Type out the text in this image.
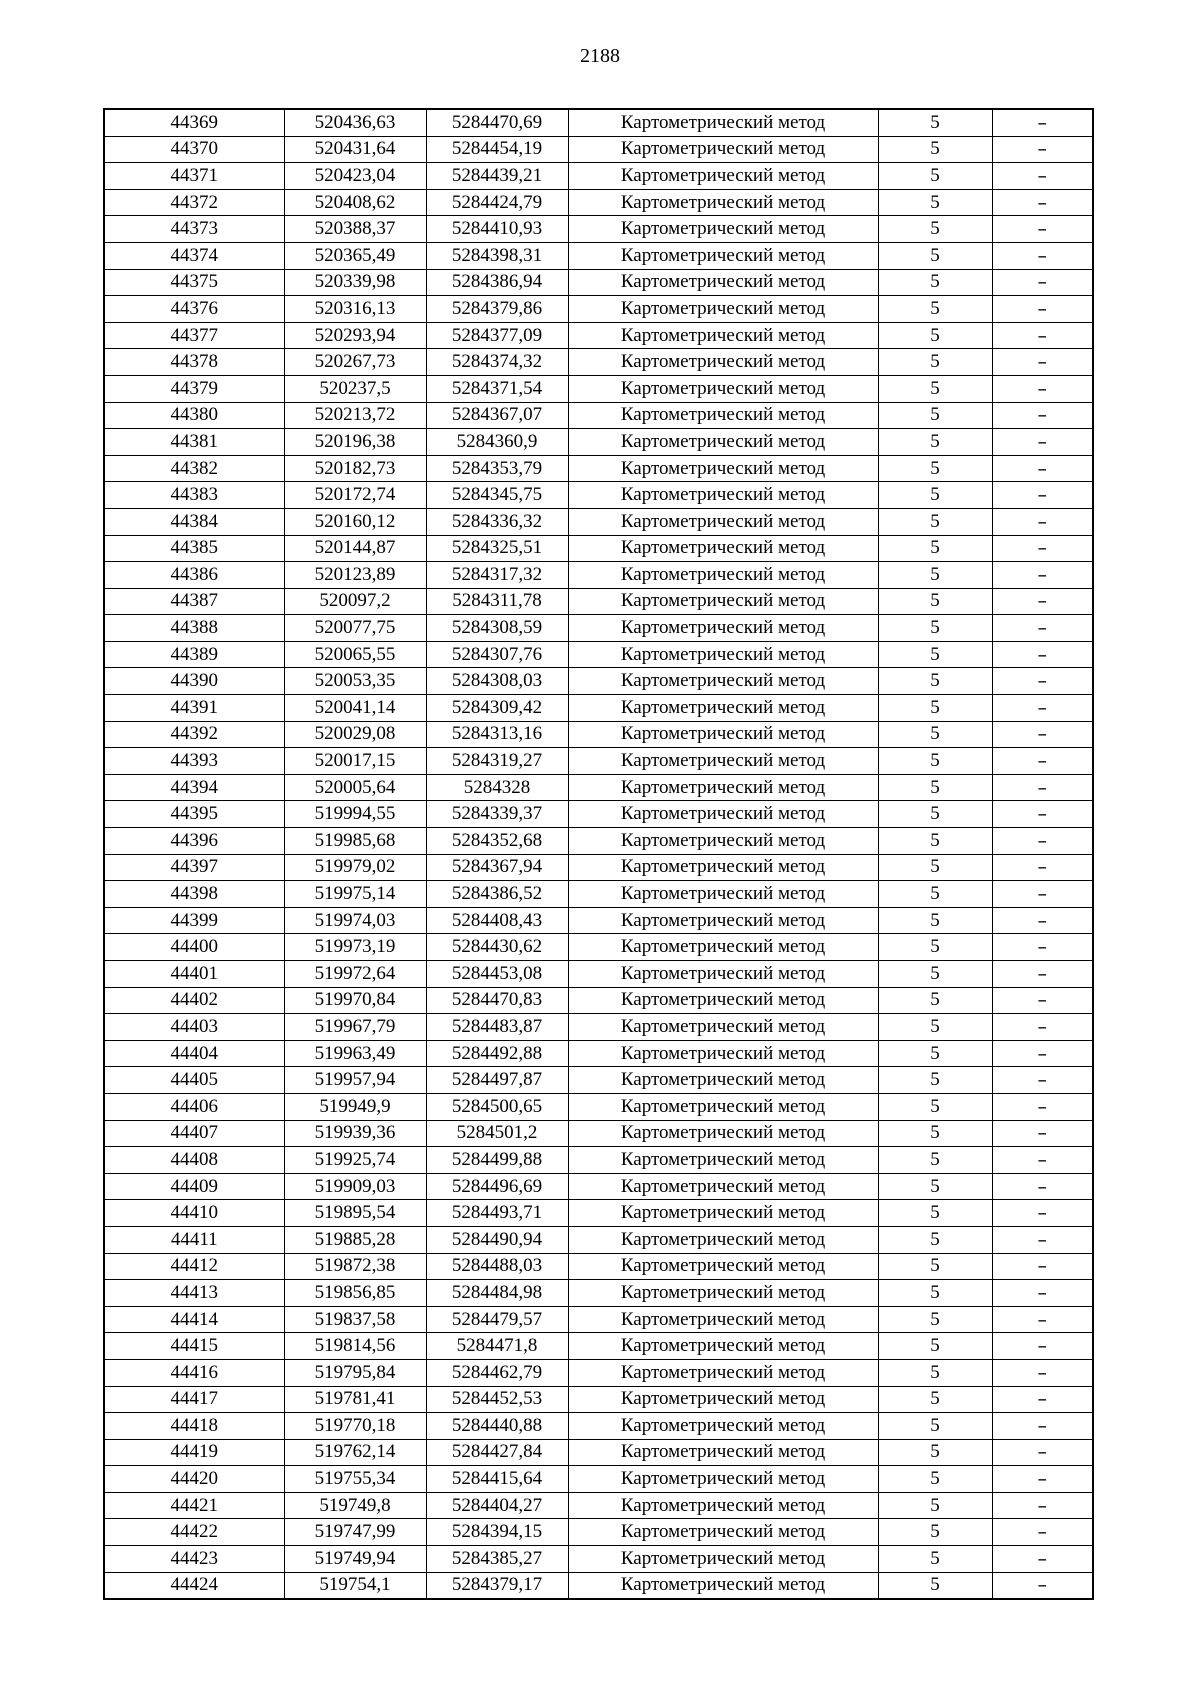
2188
44369	520436,63	5284470,69	Картометрический метод	5	–
44370	520431,64	5284454,19	Картометрический метод	5	–
44371	520423,04	5284439,21	Картометрический метод	5	–
44372	520408,62	5284424,79	Картометрический метод	5	–
44373	520388,37	5284410,93	Картометрический метод	5	–
44374	520365,49	5284398,31	Картометрический метод	5	–
44375	520339,98	5284386,94	Картометрический метод	5	–
44376	520316,13	5284379,86	Картометрический метод	5	–
44377	520293,94	5284377,09	Картометрический метод	5	–
44378	520267,73	5284374,32	Картометрический метод	5	–
44379	520237,5	5284371,54	Картометрический метод	5	–
44380	520213,72	5284367,07	Картометрический метод	5	–
44381	520196,38	5284360,9	Картометрический метод	5	–
44382	520182,73	5284353,79	Картометрический метод	5	–
44383	520172,74	5284345,75	Картометрический метод	5	–
44384	520160,12	5284336,32	Картометрический метод	5	–
44385	520144,87	5284325,51	Картометрический метод	5	–
44386	520123,89	5284317,32	Картометрический метод	5	–
44387	520097,2	5284311,78	Картометрический метод	5	–
44388	520077,75	5284308,59	Картометрический метод	5	–
44389	520065,55	5284307,76	Картометрический метод	5	–
44390	520053,35	5284308,03	Картометрический метод	5	–
44391	520041,14	5284309,42	Картометрический метод	5	–
44392	520029,08	5284313,16	Картометрический метод	5	–
44393	520017,15	5284319,27	Картометрический метод	5	–
44394	520005,64	5284328	Картометрический метод	5	–
44395	519994,55	5284339,37	Картометрический метод	5	–
44396	519985,68	5284352,68	Картометрический метод	5	–
44397	519979,02	5284367,94	Картометрический метод	5	–
44398	519975,14	5284386,52	Картометрический метод	5	–
44399	519974,03	5284408,43	Картометрический метод	5	–
44400	519973,19	5284430,62	Картометрический метод	5	–
44401	519972,64	5284453,08	Картометрический метод	5	–
44402	519970,84	5284470,83	Картометрический метод	5	–
44403	519967,79	5284483,87	Картометрический метод	5	–
44404	519963,49	5284492,88	Картометрический метод	5	–
44405	519957,94	5284497,87	Картометрический метод	5	–
44406	519949,9	5284500,65	Картометрический метод	5	–
44407	519939,36	5284501,2	Картометрический метод	5	–
44408	519925,74	5284499,88	Картометрический метод	5	–
44409	519909,03	5284496,69	Картометрический метод	5	–
44410	519895,54	5284493,71	Картометрический метод	5	–
44411	519885,28	5284490,94	Картометрический метод	5	–
44412	519872,38	5284488,03	Картометрический метод	5	–
44413	519856,85	5284484,98	Картометрический метод	5	–
44414	519837,58	5284479,57	Картометрический метод	5	–
44415	519814,56	5284471,8	Картометрический метод	5	–
44416	519795,84	5284462,79	Картометрический метод	5	–
44417	519781,41	5284452,53	Картометрический метод	5	–
44418	519770,18	5284440,88	Картометрический метод	5	–
44419	519762,14	5284427,84	Картометрический метод	5	–
44420	519755,34	5284415,64	Картометрический метод	5	–
44421	519749,8	5284404,27	Картометрический метод	5	–
44422	519747,99	5284394,15	Картометрический метод	5	–
44423	519749,94	5284385,27	Картометрический метод	5	–
44424	519754,1	5284379,17	Картометрический метод	5	–
